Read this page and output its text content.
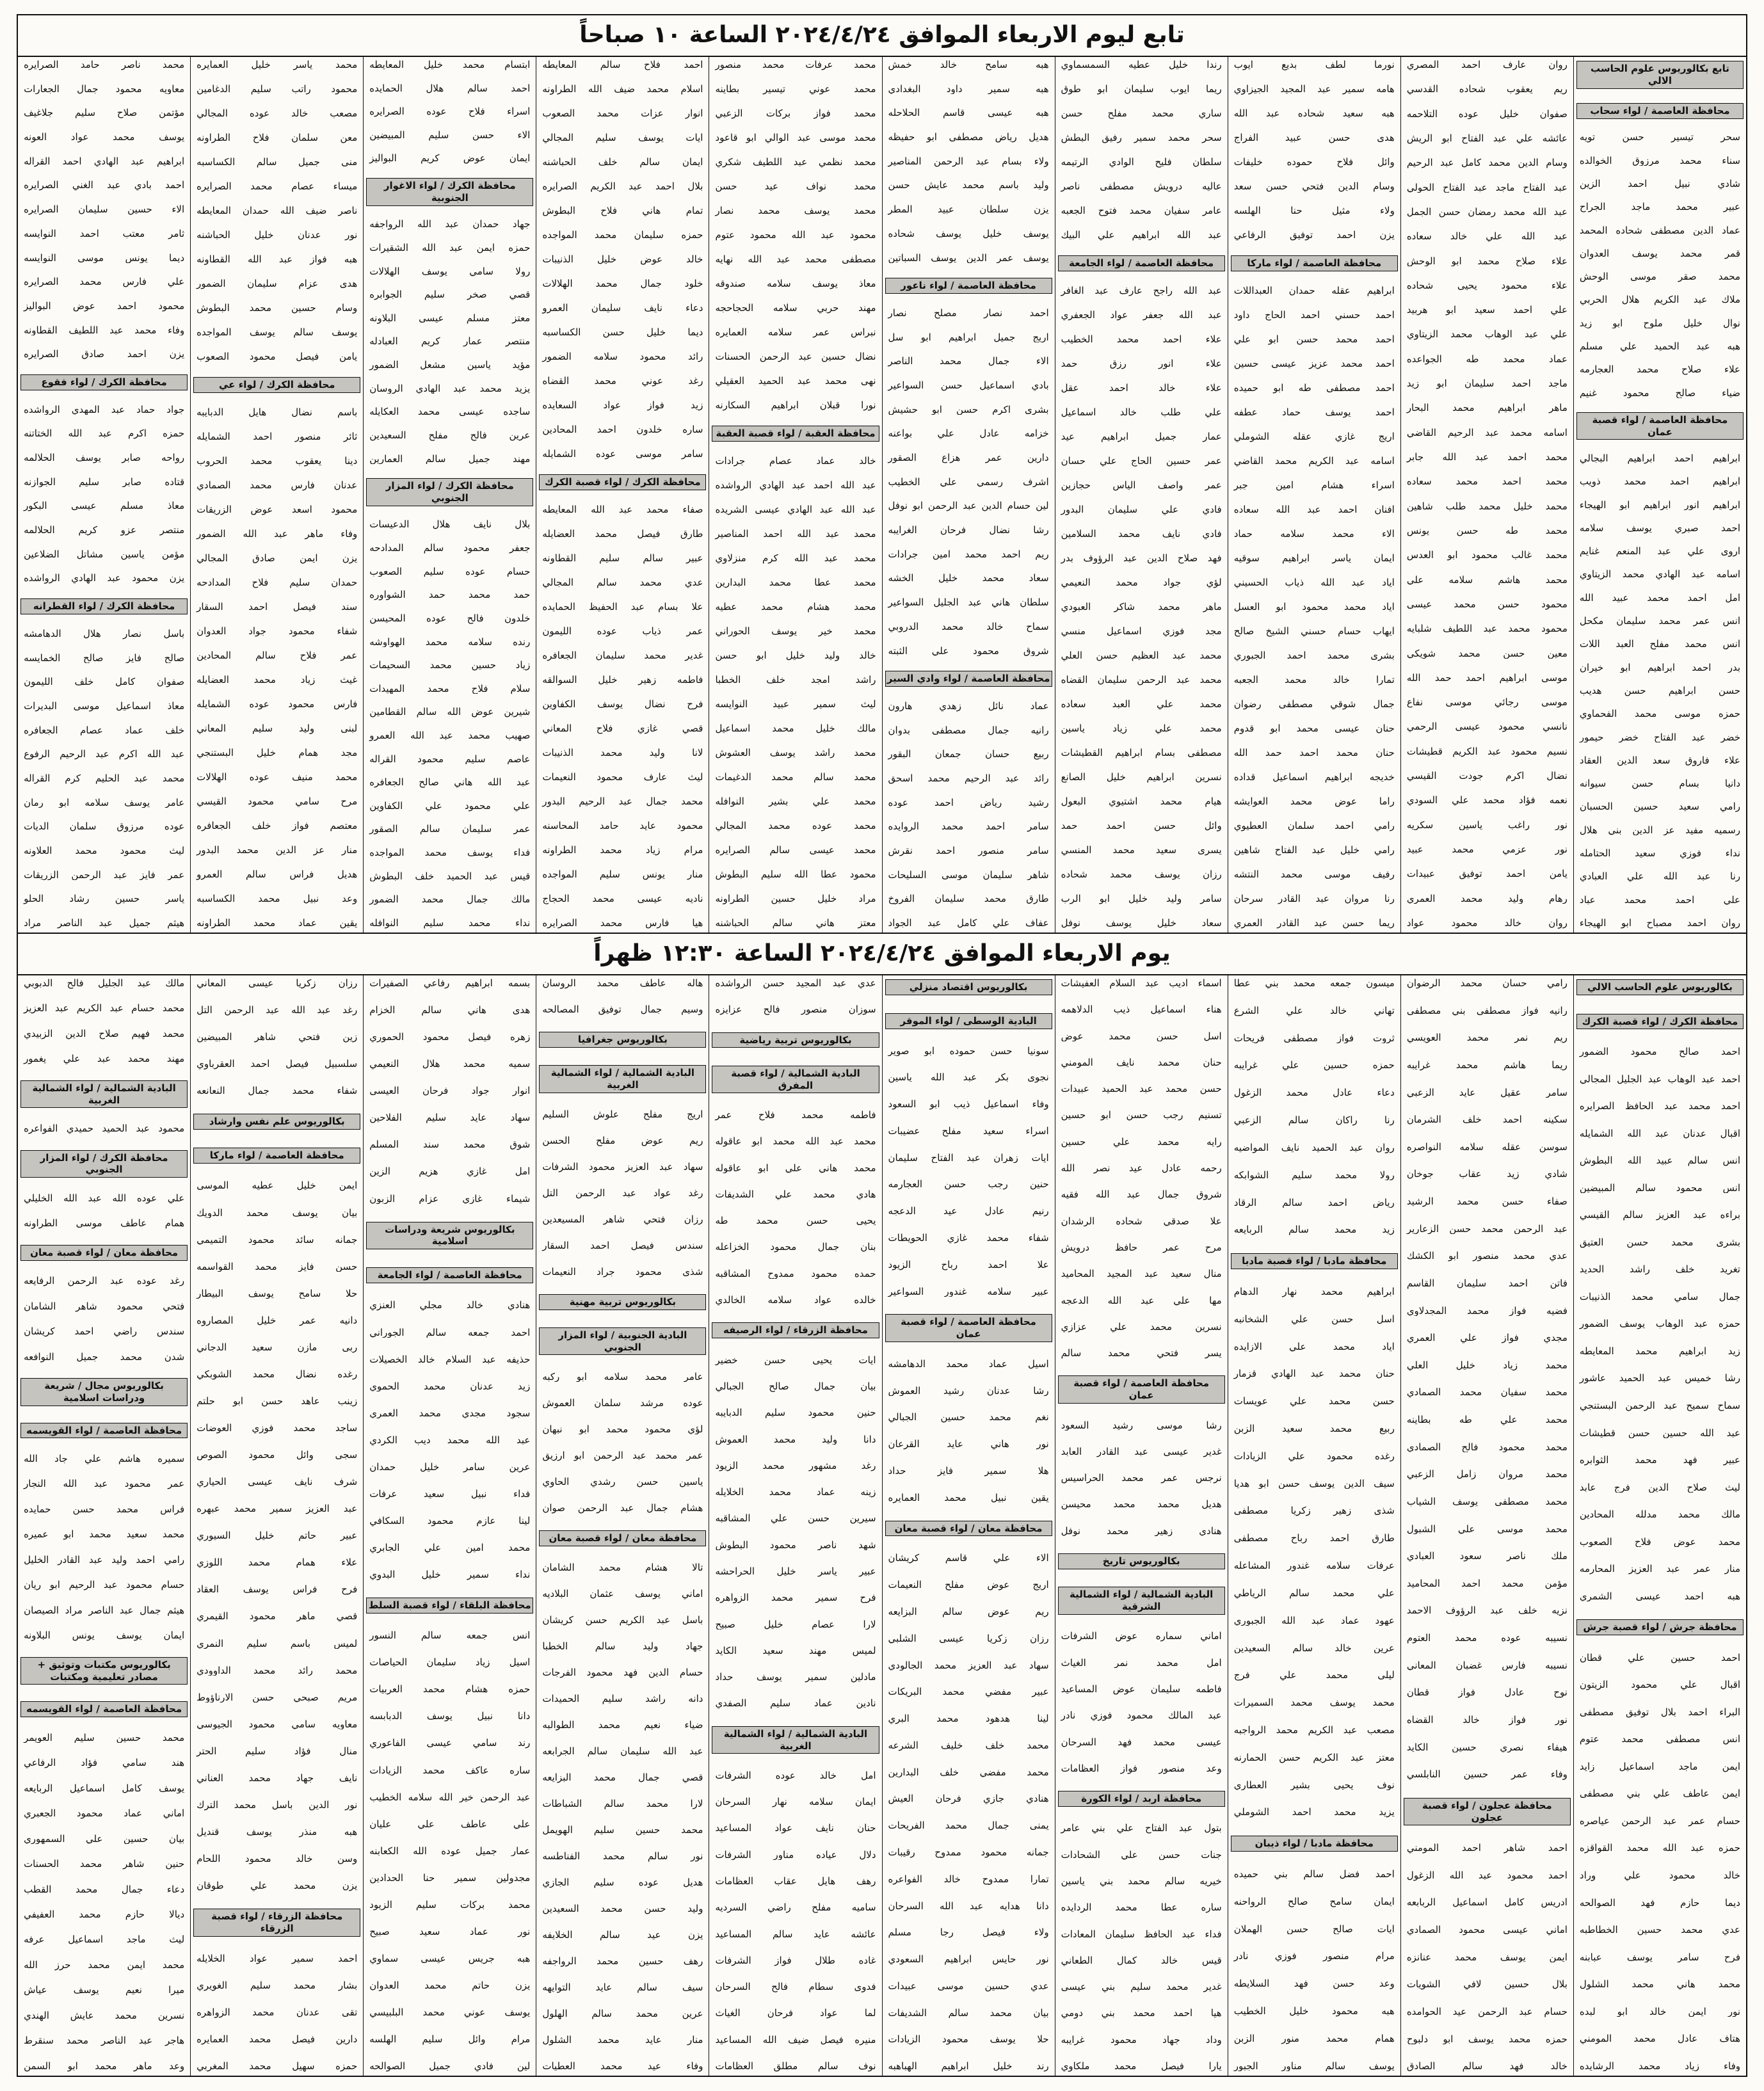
تابع ليوم الاربعاء الموافق ٢٠٢٤/٤/٢٤ الساعة ١٠ صباحاً
تابع بكالوريوس علوم الحاسب الالي
محافظة العاصمة / لواء سحاب
سحر تيسير حسن تويه
سناء محمد مرزوق الخوالده
شادي نبيل احمد الزين
عبير محمد ماجد الجراح
عماد الدين مصطفى شحاده المحمد
قمر محمد يوسف العدوان
محمد صقر موسى الوحش
ملاك عبد الكريم هلال الحربي
نوال خليل ملوح ابو زيد
هبه عبد الحميد علي مسلم
علاء صلاح محمد العجارمه
ضياء صالح محمود غنيم
محافظة العاصمة / لواء قصبة عمان
ابراهيم احمد ابراهيم البجالي
ابراهيم احمد محمد ذويب
ابراهيم انور ابراهيم ابو الهيجاء
احمد صبري يوسف سلامه
اروى علي عبد المنعم غنايم
اسامه عبد الهادي محمد الزيتاوي
امل احمد محمد عبيد الله
انس عمر محمد سليمان مكحل
انس محمد مفلح العبد اللات
بدر احمد ابراهيم ابو خيران
حسن ابراهيم حسن هديب
حمزه موسى محمد الفحماوي
خضر عبد الفتاح خضر حيمور
علاء فاروق سعد الدين العقاد
دانيا بسام حسن سيوانه
رامي سعيد حسين الحسبان
رسميه مفيد عز الدين بني هلال
نداء فوزي سعيد الحتامله
رنا عبد الله علي العبادي
علي احمد محمد عباد
روان احمد مصباح ابو الهيجاء
روان عارف احمد المصري
ريم يعقوب شحاده القدسي
صفوان خليل عوده التلاحمه
عائشه علي عبد الفتاح ابو الريش
وسام الدين محمد كامل عبد الرحيم
عبد الفتاح ماجد عبد الفتاح الحولي
عبد الله محمد رمضان حسن الجمل
عبد الله علي خالد سعاده
علاء صلاح محمد ابو الوحش
علاء محمود يحيى شحاده
علي احمد سعيد ابو هربيد
علي عبد الوهاب محمد الزيتاوي
عماد محمد طه الجواعده
ماجد احمد سليمان ابو زيد
ماهر ابراهيم محمد البحار
اسامه محمد عبد الرحيم القاضي
محمد احمد عبد الله جابر
محمد احمد محمد سعاده
محمد خليل محمد طلب شاهين
محمد طه حسن يونس
محمد غالب محمود ابو العدس
محمد هاشم سلامه علي
محمود حسن محمد عيسى
محمود محمد عبد اللطيف شلبايه
معين حسن محمد شويكي
موسى ابراهيم احمد حمد الله
موسى رجائي موسى نفاع
نانسي محمود عيسى الرحمي
نسيم محمود عبد الكريم قطيشات
نضال اكرم جودت القيسي
نعمه فؤاد محمد علي السودي
نور راغب ياسين سكريه
نور عزمي محمد عبيد
يامن احمد توفيق عبيدات
رهام وليد محمد العمري
روان خالد محمود عواد
نورما لطف بديع ايوب
هامه سمير عبد المجيد الجيزاوي
هبه سعيد شحاده عبد الله
هدى حسن عبيد الفراج
وائل فلاح حموده خليفات
وسام الدين فتحي حسن سعد
ولاء مثيل حنا الهلسه
يزن احمد توفيق الرفاعي
محافظة العاصمة / لواء ماركا
ابراهيم عقله حمدان العبداللات
احمد حسني احمد الحاج داود
احمد محمد حسن ابو علي
احمد محمد عزيز عيسى حسين
احمد مصطفى طه ابو حميده
احمد يوسف حماد عطفه
اريج غازي عقله الشوملي
اسامه عبد الكريم محمد القاضي
اسراء هشام امين جبر
افنان احمد عبد الله سعاده
الاء محمد سلامه حماد
ايمان ياسر ابراهيم سوقيه
اياد عبد الله ذياب الحسيني
اياد محمد محمود ابو العسل
ايهاب حسام حسني الشيخ صالح
بشرى محمد احمد الجبوري
تمارا خالد محمد الجعبه
جمال شوقي مصطفى رضوان
حنان عيسى محمد ابو قدوم
حنان محمد احمد حمد الله
خديجه ابراهيم اسماعيل قداده
راما عوض محمد العوايشه
رامي احمد سلمان العطيوي
رامي خليل عبد الفتاح شاهين
رفيف موسى محمد النتشه
رنا مروان عبد القادر سرحان
ريما حسن عبد القادر العمري
رندا خليل عطيه السمسماوي
ريما ايوب سليمان ابو طوق
ساري محمد مفلح حسن
سحر محمد سمير رفيق البطش
سلطان فليح الوادي الرتيمه
عاليه درويش مصطفى ناصر
عامر سفيان محمد فتوح الجعبه
عبد الله ابراهيم علي البيك
محافظة العاصمة / لواء الجامعة
عبد الله راجح عارف عبد الغافر
عبد الله جعفر عواد الجعفري
علاء احمد محمد الخطيب
علاء انور رزق حمد
علاء خالد احمد عقل
علي طلب خالد اسماعيل
عمار جميل ابراهيم عيد
عمر حسين الحاج علي حسان
عمر واصف الياس حجازين
فادي علي سليمان البدور
فادي نايف محمد السلامين
فهد صلاح الدين عبد الرؤوف بدر
لؤي جواد محمد النعيمي
ماهر محمد شاكر العبودي
مجد فوزي اسماعيل منسي
محمد عبد العظيم حسن العلي
محمد عبد الرحمن سليمان القضاه
محمد علي العبد سعاده
محمد علي زياد ياسين
مصطفى بسام ابراهيم القطيشات
نسرين ابراهيم خليل الصانع
هيام محمد اشتيوي البعول
وائل حسن احمد حمد
يسرى سعيد محمد المنسي
رزان يوسف محمد شحاده
سامر وليد خليل ابو الرب
سعاد خليل يوسف نوفل
هبه سامح خالد خمش
هبه سمير داود البغدادي
هبه عيسى قاسم الحلاحله
هديل رياض مصطفى ابو حفيظه
ولاء بسام عبد الرحمن المناصير
وليد باسم محمد عايش حسن
يزن سلطان عبيد المطر
يوسف خليل يوسف شحاده
يوسف عمر الدين يوسف السباتين
محافظة العاصمة / لواء ناعور
احمد نصار مصلح نصار
اريج جميل ابراهيم ابو سل
الاء جمال محمد الناصر
بادي اسماعيل حسن السواعير
بشرى اكرم حسن ابو حشيش
خزامه عادل علي بواعنه
دارين عمر هزاع الصقور
اشرف رسمي علي الخطيب
لين حسام الدين عبد الرحمن ابو نوفل
رشا نضال فرحان الغرايبه
ريم احمد محمد امين جرادات
سعاد محمد خليل الخشه
سلطان هاني عبد الجليل السواعير
سماح خالد محمد الدروبي
شروق محمود علي الثبته
محافظة العاصمة / لواء وادي السير
عماد نائل زهدي هارون
رانيه جمال مصطفى بدوان
ربيع حسان جمعان البقور
رائد عبد الرحيم محمد اسحق
رشيد رياض احمد عوده
سامر احمد محمد الروايده
سامر منصور احمد نقرش
شاهر سليمان موسى السليحات
طارق محمد سليمان الفروخ
عفاف علي كامل عبد الجواد
محمد عرفات محمد منصور
محمد عوني تيسير بطاينه
محمد فواز بركات الزعبي
محمد موسى عبد الوالي ابو قاعود
محمد نظمي عبد اللطيف شكري
محمد نواف عيد حسن
محمد يوسف محمد نصار
محمود عبد الله محمود عتوم
مصطفى محمد عبد الله نهايه
معاذ يوسف سلامه صندوقه
مهند حربي سلامه الحجاحجه
نبراس عمر سلامه العمايره
نضال حسين عبد الرحمن الحسنات
نهى محمد عبد الحميد العقيلي
نورا قبلان ابراهيم السكارنه
محافظة العقبة / لواء قصبة العقبة
خالد عماد عصام جرادات
عبد الله احمد عبد الهادي الرواشده
عبد الله عبد الهادي عيسى الشريده
محمد عبد الله احمد المناصير
محمد عبد الله كرم منزلاوي
محمد عطا محمد البدارين
محمد هشام محمد عطيه
محمد خير يوسف الحوراني
خالد وليد خليل ابو حسن
راشد امجد خلف الخطبا
ليث سمير عبيد النوايسه
مالك خليل محمد اسماعيل
محمد راشد يوسف العشوش
محمد سالم محمد الدغيمات
محمد علي بشير النوافله
محمد عوده محمد المجالي
محمد عيسى سالم الصرايره
محمود عطا الله سليم البطوش
مراد خليل حسين الطراونه
معتز هاني سالم الحباشنه
احمد فلاح سالم المعايطه
اسلام محمد ضيف الله الطراونه
انوار عزات محمد الصعوب
ايات يوسف سليم المجالي
ايمان سالم خلف الحباشنه
بلال احمد عبد الكريم الصرايره
تمام هاني فلاح البطوش
حمزه سليمان محمد المواجده
خالد عوض خليل الذنيبات
خلود جمال محمد الهلالات
دعاء نايف سليمان العمرو
ديما خليل حسن الكساسبه
رائد محمود سلامه الضمور
رغد عوني محمد القضاه
زيد فواز عواد السعايده
ساره خلدون احمد المحادين
سامر موسى عوده الشمايله
محافظة الكرك / لواء قصبة الكرك
صفاء محمد عبد الله المعايطه
طارق فيصل محمد العضايله
عبير سالم سليم القطاونه
عدي محمد سالم المجالي
علا بسام عبد الحفيظ الحمايده
عمر ذياب عوده الليمون
غدير محمد سليمان الجعافره
فاطمه زهير خليل السوالقه
فرح نضال يوسف الكفاوين
قصي غازي فلاح المعاني
لانا وليد محمد الذنيبات
ليث عارف محمود النعيمات
محمد جمال عبد الرحيم البدور
محمود عايد حامد المحاسنه
مرام زياد محمد الطراونه
منار يونس سليم المواجده
ناديه عيسى محمد الحجاج
هيا فارس محمد الصرايره
ابتسام محمد خليل المعايطه
احمد سالم هلال الحمايده
اسراء فلاح عوده الصرايره
الاء حسن سليم المبيضين
ايمان عوض كريم البواليز
محافظة الكرك / لواء الاغوار الجنوبية
جهاد حمدان عبد الله الرواجفه
حمزه ايمن عبد الله الشقيرات
رولا سامي يوسف الهلالات
قصي صخر سليم الجوابره
معتز مسلم عيسى البلاونه
منتصر عمار كريم العبادله
مؤيد ياسين مشعل الضمور
يزيد محمد عبد الهادي الروسان
ساجده عيسى محمد العكايله
عرين فالح مفلح السعيدين
مهند جميل سالم العمارين
محافظة الكرك / لواء المزار الجنوبي
بلال نايف هلال الدعيسات
جعفر محمود سالم المدادحه
حسام عوده سليم الصعوب
حمد محمد حمد الشواوره
خلدون فالح عوده المحيسن
رنده سلامه محمد الهواوشه
زياد حسين محمد السحيمات
سلام فلاح محمد المهيدات
شيرين عوض الله سالم القطامين
صهيب محمد عبد الله العمرو
عاصم سليم محمود القراله
عبد الله هاني صالح الجعافره
علي محمود علي الكفاوين
عمر سليمان سالم الصقور
فداء يوسف محمد المواجده
قيس عبد الحميد خلف البطوش
مالك جمال محمد الضمور
نداء محمد سليم النوافله
محمد ياسر خليل العمايره
محمود راتب سليم الدغامين
مصعب خالد عوده المجالي
معن سلمان فلاح الطراونه
منى جميل سالم الكساسبه
ميساء عصام محمد الصرايره
ناصر ضيف الله حمدان المعايطه
نور عدنان خليل الحباشنه
هبه فواز عبد الله القطاونه
هدى عزام سليمان الضمور
وسام حسين محمد البطوش
يوسف سالم يوسف المواجده
يامن فيصل محمود الصعوب
محافظة الكرك / لواء عي
باسم نضال هايل الدبايبه
ثائر منصور احمد الشمايله
دينا يعقوب محمد الحروب
عدنان فارس محمد الصمادي
محمود اسعد عوض الزريقات
وفاء ماهر عبد الله الضمور
يزن ايمن صادق المجالي
حمدان سليم فلاح المدادحه
سند فيصل احمد السقار
شفاء محمود جواد العدوان
عمر فلاح سالم المحادين
غيث زياد محمد العضايله
فارس محمود عوده الشمايله
لبنى وليد سليم المعاني
مجد همام خليل البستنجي
محمد منيف عوده الهلالات
مرح سامي محمود القيسي
معتصم فواز خلف الجعافره
منار عز الدين محمد البدور
هديل فراس سالم العمرو
وعد نبيل محمد الكساسبه
يقين عماد محمد الطراونه
محمد ناصر حامد الصرايره
معاويه محمود جمال الجعارات
مؤتمن صلاح سليم جلاغيف
يوسف محمد عواد العونه
ابراهيم عبد الهادي احمد القراله
احمد بادي عبد الغني الصرايره
الاء حسين سليمان الصرايره
ثامر معتب احمد النوايسه
ديما يونس موسى النوايسه
علي فارس محمد الصرايره
محمود احمد عوض البواليز
وفاء محمد عبد اللطيف القطاونه
يزن احمد صادق الصرايره
محافظة الكرك / لواء فقوع
جواد حماد عبد المهدي الرواشده
حمزه اكرم عبد الله الختاتنه
رواحه صابر يوسف الحلالمه
قتاده صابر سليم الجوازنه
معاذ مسلم عيسى البكور
منتصر عزو كريم الحلالمه
مؤمن ياسين مشاتل الضلاعين
يزن محمود عبد الهادي الرواشده
محافظة الكرك / لواء القطرانه
باسل نصار هلال الدهامشه
صالح فايز صالح الخمايسه
صفوان كامل خلف الليمون
معاذ اسماعيل موسى البديرات
خلف عماد عصام الجعافره
عبد الله اكرم عبد الرحيم الرفوع
محمد عبد الحليم كرم القراله
عامر يوسف سلامه ابو رمان
عوده مرزوق سلمان الديات
ليث محمود محمد العلاونه
عمر فايز عبد الرحمن الزريقات
ياسر حسين رشاد الحلو
هيثم جميل عبد الناصر مراد
يوم الاربعاء الموافق ٢٠٢٤/٤/٢٤ الساعة ١٢:٣٠ ظهراً
بكالوريوس علوم الحاسب الالي
محافظة الكرك / لواء قصبة الكرك
احمد صالح محمود الضمور
احمد عبد الوهاب عبد الجليل المجالي
احمد محمد عبد الحافظ الصرايره
اقبال عدنان عبد الله الشمايله
انس سالم عبيد الله البطوش
انس محمود سالم المبيضين
براءه عبد العزيز سالم القيسي
بشرى محمد حسن العتيق
تغريد خلف راشد الحديد
جمال سامي محمد الذنيبات
حمزه عبد الوهاب يوسف الضمور
زيد ابراهيم محمد المعايطه
رشا خميس عبد الحميد عاشور
سماح سميح عبد الرحمن البستنجي
عبد الله حسين حسن قطيشات
عبير فهد محمد الثوابره
ليث صلاح الدين فرج عابد
مالك محمد مدلله المحادين
محمد عوض فلاح الصعوب
منار عمر عبد العزيز المحارمه
هبه احمد عيسى الشمري
محافظة جرش / لواء قصبة جرش
احمد حسين علي قطان
اقبال علي محمود الزيتون
البراء احمد بلال توفيق مصطفى
انس مصطفى محمد عتوم
ايمن ماجد اسماعيل زايد
ايمن عاطف علي بني مصطفى
حسام عمر عبد الرحمن عياصره
حمزه عبد الله محمد القواقزه
خالد محمود علي وراد
ديما حازم فهد الصوالحه
عدي محمد حسين الخطاطبه
فرح سامر يوسف عبابنه
محمد هاني محمد الشلول
نور ايمن خالد ابو لبده
هتاف عادل محمد المومني
وفاء زياد محمد الرشايده
رامي حسان محمد الرضوان
رانيه فواز مصطفى بني مصطفى
ريم نمر محمد العويسي
ريما هاشم محمد غرايبه
سامر عقيل عايد الزعبي
سكينه احمد خلف الشرمان
سوسن عقله سلامه النواصره
شادي زيد عقاب جوخان
صفاء حسن محمد الرشيد
عبد الرحمن محمد حسن الزعارير
عدي محمد منصور ابو الكشك
فاتن احمد سليمان القاسم
فضيه فواز محمد المجدلاوي
مجدي فواز علي العمري
محمد زياد خليل العلي
محمد سفيان محمد الصمادي
محمد علي طه بطاينه
محمد محمود فالح الصمادي
محمد مروان زامل الزعبي
محمد مصطفى يوسف الشياب
محمد موسى علي الشبول
ملك ناصر سعود العبادي
مؤمن محمد احمد المحاميد
نزيه خلف عبد الرؤوف الاحمد
نسيبه عوده محمد العتوم
نسيبه فارس غضبان المعاني
نوح عادل فواز قطان
نور فواز خالد القضاه
هيفاء نصري حسين الكايد
وفاء عمر حسين النابلسي
محافظة عجلون / لواء قصبة عجلون
احمد شاهر احمد المومني
احمد محمود عبد الله الزغول
ادريس كامل اسماعيل الربابعه
اماني عيسى محمود الصمادي
ايمن يوسف محمد عنانزه
بلال حسين لافي الشويات
حسام عبد الرحمن عيد الحوامده
حمزه محمد يوسف ابو دلبوح
خالد فهد سالم الصادق
ميسون جمعه محمد بني عطا
تهاني خالد علي الشرع
ثروت فواز مصطفى فريحات
حمزه حسين علي غرايبه
دعاء عادل محمد الزغول
رنا راكان سالم الزعبي
روان عبد الحميد نايف المواضيه
رولا محمد سليم الشوابكه
رياض احمد سالم الرقاد
زيد محمد سالم الربايعه
محافظة مادبا / لواء قصبة مادبا
ابراهيم محمد نهار الدهام
اسل حسن علي الشخانبه
اياد محمد علي الازايده
حنان محمد عبد الهادي قزمار
حسن محمد علي عويسات
ربيع محمد سعيد الزبن
رغده محمود علي الزيادات
سيف الدين يوسف حسن ابو هديا
شذى زهير زكريا مصطفى
طارق احمد رباح مصطفى
عرفات سلامه غندور المشاعله
علي محمد سالم الرياطي
عهود عماد عبد الله الجبوري
عرين خالد سالم السعيدين
ليلى محمد علي فرج
محمد يوسف محمد السميرات
مصعب عبد الكريم محمد الرواجبه
معتز عبد الكريم حسن الحمارنه
نوف يحيى بشير العطاري
يزيد محمد احمد الشوملي
محافظة مادبا / لواء ذيبان
احمد فضل سالم بني حميده
ايمان سامح صالح الرواحنه
ايات صالح حسن الهملان
مرام منصور فوزي نادر
وعد حسن فهد السلايطه
هبه محمود خليل الخطيب
همام محمد منور الزبن
يوسف سالم مناور الجبور
اسماء اديب عبد السلام العفيشات
هناء اسماعيل ذيب الدلاهمه
اسل حسن محمد عوض
حنان محمد نايف المومني
حسن محمد عبد الحميد عبيدات
تسنيم رجب حسن ابو حسين
رايه محمد علي حسين
رحمه عادل عيد نصر الله
شروق جمال عبد الله فقيه
علا صدقي شحاده الرشدان
مرح عمر حافظ درويش
منال سعيد عبد المجيد المحاميد
مها علي عبد الله الدعجه
نسرين محمد علي عزازي
يسر فتحي محمد سالم
محافظة العاصمة / لواء قصبة عمان
رشا موسى رشيد السعود
غدير عيسى عبد القادر العابد
نرجس عمر محمد الحراسيس
هديل محمد محمد محيسن
هنادي زهير محمد نوفل
بكالوريوس تاريخ
البادية الشمالية / لواء الشمالية الشرقية
اماني سماره عوض الشرفات
امل محمد نمر الغياث
فاطمه سليمان عوض المساعيد
عبد المالك محمود فوزي نادر
عيسى محمد فهد السرحان
وعد منصور فواز العظامات
محافظة اربد / لواء الكورة
بتول عبد الفتاح علي بني عامر
جنات حسن علي الشحادات
خيريه سالم محمد بني ياسين
ساره عطا محمد الردايده
فداء عبد الحافظ سليمان المعادات
قيس خالد كمال الطعاني
غدير محمد سليم بني عيسى
هيا احمد محمد بني دومي
وداد جهاد محمود غرايبه
يارا فيصل محمد ملكاوي
بكالوريوس اقتصاد منزلي
البادية الوسطى / لواء الموقر
سونيا حسن حموده ابو صوير
نجوى بكر عبد الله ياسين
وفاء اسماعيل ذيب ابو السعود
اسراء سعيد مفلح عضيبات
ايات زهران عبد الفتاح سليمان
حنين رجب حسن العجارمه
رنيم عادل عيد الدعجه
شفاء محمد غازي الحويطات
علا احمد رباح الزيود
عبير سلامه غندور السواعير
محافظة العاصمة / لواء قصبة عمان
اسيل عماد محمد الدهامشه
رشا عدنان رشيد العموش
نغم محمد حسين الجبالي
نور هاني عايد القرعان
هلا سمير فايز حداد
يقين نبيل محمد العمايره
محافظة معان / لواء قصبة معان
الاء علي قاسم كريشان
اريج عوض مفلح النعيمات
ريم عوض سالم البزايعه
رزان زكريا عيسى الشلبي
سهاد عبد العزيز محمد الجالودي
عبير مفضي محمد البريكات
لينا هدهود محمد البري
محمد خلف خليف الشرعه
محمد مفضي خلف البدارين
هنادي جازي فرحان العيش
يمنى جمال محمد الفريحات
جمانه محمود ممدوح رقيبات
تمارا ممدوح خالد الفواعره
دانا هدايه عبد الله السرحان
ولاء فيصل رجا مسلم
نور حايس ابراهيم السعودي
عدي حسين موسى عبيدات
بيان محمد سالم الشديفات
حلا يوسف محمود الزيادات
رند خليل ابراهيم الهباهبه
عدي عبد المجيد حسن الرواشده
سوزان منصور فالح عزايزه
بكالوريوس تربية رياضية
البادية الشمالية / لواء قصبة المفرق
فاطمه محمد فلاح عمر
محمد عبد الله محمد ابو عاقوله
محمد هاني علي ابو عاقوله
هادي محمد علي الشديفات
يحيى حسن محمد طه
بنان جمال محمود الخزاعله
حمده محمود ممدوح المشاقبه
خالده عواد سلامه الخالدي
محافظة الزرقاء / لواء الرصيفه
ايات يحيى حسن خضير
بيان جمال صالح الجبالي
حنين محمود سليم الدبايبه
دانا وليد محمد العموش
رغد مشهور محمد الزيود
زينه عماد محمد الخلايله
سيرين حسن علي المشاقبه
شهد ناصر محمود البطوش
عبير ياسر خليل الحراحشه
فرح سمير محمد الزواهره
لارا عصام خليل صبيح
لميس مهند سعيد الكايد
مادلين سمير يوسف حداد
نادين عماد سليم الصفدي
البادية الشمالية / لواء الشمالية الغربية
امل خالد عوده الشرفات
ايمان سلامه نهار السرحان
حنان نايف عواد المساعيد
دلال عياده مناور الشرفات
رهف هايل عقاب العظامات
ساميه مفلح راضي السرديه
عائشه عايد سالم المساعيد
غاده طلال فواز الشرفات
فدوى سطام فالح السرحان
لما عواد فرحان الغياث
منيره فيصل ضيف الله المساعيد
نوف سالم مطلق العظامات
هاله عاطف محمد الروسان
وسيم جمال توفيق المصالحه
بكالوريوس جغرافيا
البادية الشمالية / لواء الشمالية الغربية
اريج مفلح علوش السليم
ريم عوض مفلح الحسن
سهاد عبد العزيز محمود الشرفات
رغد عواد عبد الرحمن التل
رزان فتحي شاهر المسيعدين
سندس فيصل احمد السقار
شذى محمود جراد النعيمات
بكالوريوس تربية مهنية
البادية الجنوبية / لواء المزار الجنوبي
عامر محمد سلامه ابو ركبه
عوده مرشد سلمان العموش
لؤي محمود محمد ابو نبهان
عمر محمد عبد الرحمن ابو ارزيق
ياسين حسن رشدي الحاوي
هشام جمال عبد الرحمن صوان
محافظة معان / لواء قصبة معان
تالا هشام محمد الشامان
اماني يوسف عثمان البلاديه
باسل عبد الكريم حسن كريشان
جهاد وليد سالم الخطبا
حسام الدين فهد محمود الفرجات
دانه راشد سليم الحميدات
ضياء نعيم محمد الطوالبه
عبد الله سليمان سالم الجرابعه
قصي جمال محمد البزايعه
لارا محمد سالم الشباطات
محمد حسين سليم الهويمل
نور سالم محمد الفناطسه
هديل عوده سليم الجازي
وليد حسن محمد السعيدين
يزن عيد سالم الخلايفه
رهف حسين محمد الرواجفه
سيف سالم عايد التوايهه
عرين محمد سالم الهلول
منار عايد محمد الشلول
وفاء عيد محمد العطيات
بسمه ابراهيم رفاعي الصفيرات
هدى هاني سالم الخزام
زهره فيصل محمود الحموري
سميه محمد هلال النعيمي
انوار جواد فرحان العيسى
سهاد عايد سليم الفلاحين
شوق محمد سند المسلم
امل غازي هزيم الزين
شيماء غازي عزام الزبون
بكالوريوس شريعة ودراسات اسلامية
محافظة العاصمة / لواء الجامعة
هنادي خالد مجلي العنزي
احمد جمعه سالم الجوراني
حذيفه عبد السلام خالد الخصيلات
زيد عدنان محمد الحموي
سجود مجدي محمد العمري
عبد الله محمد ديب الكردي
عرين سامر خليل حمدان
فداء نبيل سعيد عرفات
لينا عازم محمود السكافي
محمد امين علي الجابري
نداء سمير خليل البدوي
محافظة البلقاء / لواء قصبة السلط
انس جمعه سالم النسور
اسيل زياد سليمان الحياصات
حمزه هشام محمد العربيات
دانا نبيل يوسف الدبابسه
رند سامي عيسى الفاعوري
ساره عاكف محمد الزيادات
عبد الرحمن خير الله سلامه الخطيب
علي عاطف علي عليان
عمار جميل عوده الله الكعابنه
مجدولين سمير حنا الحدادين
محمد بركات سليم الزيود
نور عماد سعيد صبيح
هبه جريس عيسى سماوي
يزن حاتم محمد العدوان
يوسف عوني محمد البلبيسي
مرام وائل سليم الهلسه
لين فادي جميل الصوالحه
رزان زكريا عيسى المعاني
رغد عبد الله عبد الرحمن التل
زين فتحي شاهر المبيضين
سلسبيل فيصل احمد العقرباوي
شفاء محمد جمال النعانعه
بكالوريوس علم نفس وارشاد
محافظة العاصمة / لواء ماركا
ايمن خليل عطيه الموسى
بيان يوسف محمد الدويك
جمانه سائد محمود التميمي
حسن فايز محمد القواسمه
حلا سامح يوسف البيطار
دانيه عمر خليل المصاروه
ربى مازن سعيد الدجاني
رغده نضال محمد الشوبكي
زينب عاهد حسن ابو حلتم
ساجد محمد فوزي العوضات
سجى وائل محمود الصوص
شرف نايف عيسى الحياري
عبد العزيز سمير محمد عبهره
عبير حاتم خليل السيوري
علاء همام محمد اللوزي
فرح فراس يوسف العقاد
قصي ماهر محمود القيمري
لميس باسم سليم النمري
محمد رائد محمد الداوودي
مريم صبحي حسن الارناؤوط
معاويه سامي محمود الجيوسي
منال فؤاد سليم الحتر
نايف جهاد محمد العناني
نور الدين باسل محمد الترك
هبه منذر يوسف قنديل
وسن خالد محمود اللحام
يزن محمد علي طوقان
محافظة الزرقاء / لواء قصبة الزرقاء
احمد سمير عواد الخلايله
بشار محمد سليم الغويري
تقى عدنان محمد الزواهره
دارين فيصل محمد العمايره
حمزه سهيل محمد المغربي
مالك عبد الجليل فالح الدبوبي
محمد حسام عبد الكريم عبد العزيز
محمد فهيم صلاح الدين الزبيدي
مهند محمد عبد علي يغمور
البادية الشمالية / لواء الشمالية الغربية
محمود عبد الحميد حميدي الفواعره
محافظة الكرك / لواء المزار الجنوبي
علي عوده الله عبد الله الخليلي
همام عاطف موسى الطراونه
محافظة معان / لواء قصبة معان
رغد عوده عبد الرحمن الرفايعه
فتحي محمود شاهر الشامان
سندس راضي احمد كريشان
شدن محمد جميل النوافعه
بكالوريوس مجال / شريعة ودراسات اسلامية
محافظة العاصمة / لواء القويسمه
سميره هاشم علي جاد الله
عمر محمود عبد الله النجار
فراس محمد حسن حمايده
محمد سعيد محمد ابو عميره
رامي احمد وليد عبد القادر الخليل
حسام محمود عبد الرحيم ابو ريان
هيثم جمال عبد الناصر مراد الصيصان
ايمان يوسف يونس البلاونه
بكالوريوس مكتبات وتوثيق + مصادر تعليمية ومكتبات
محافظة العاصمة / لواء القويسمه
محمد حسين سليم العويمر
هند سامي فؤاد الرفاعي
يوسف كامل اسماعيل الربايعه
اماني عماد محمود الجعبري
بيان حسين علي السمهوري
حنين شاهر محمد الحسنات
دعاء جمال محمد القطب
ديالا حازم محمد العفيفي
ليث ماجد اسماعيل عرفه
محمد ايمن محمد حرز الله
ميرا نعيم يوسف عياش
نسرين محمد عايش الهندي
هاجر عبد الناصر محمد سنقرط
وعد ماهر محمد ابو السمن
